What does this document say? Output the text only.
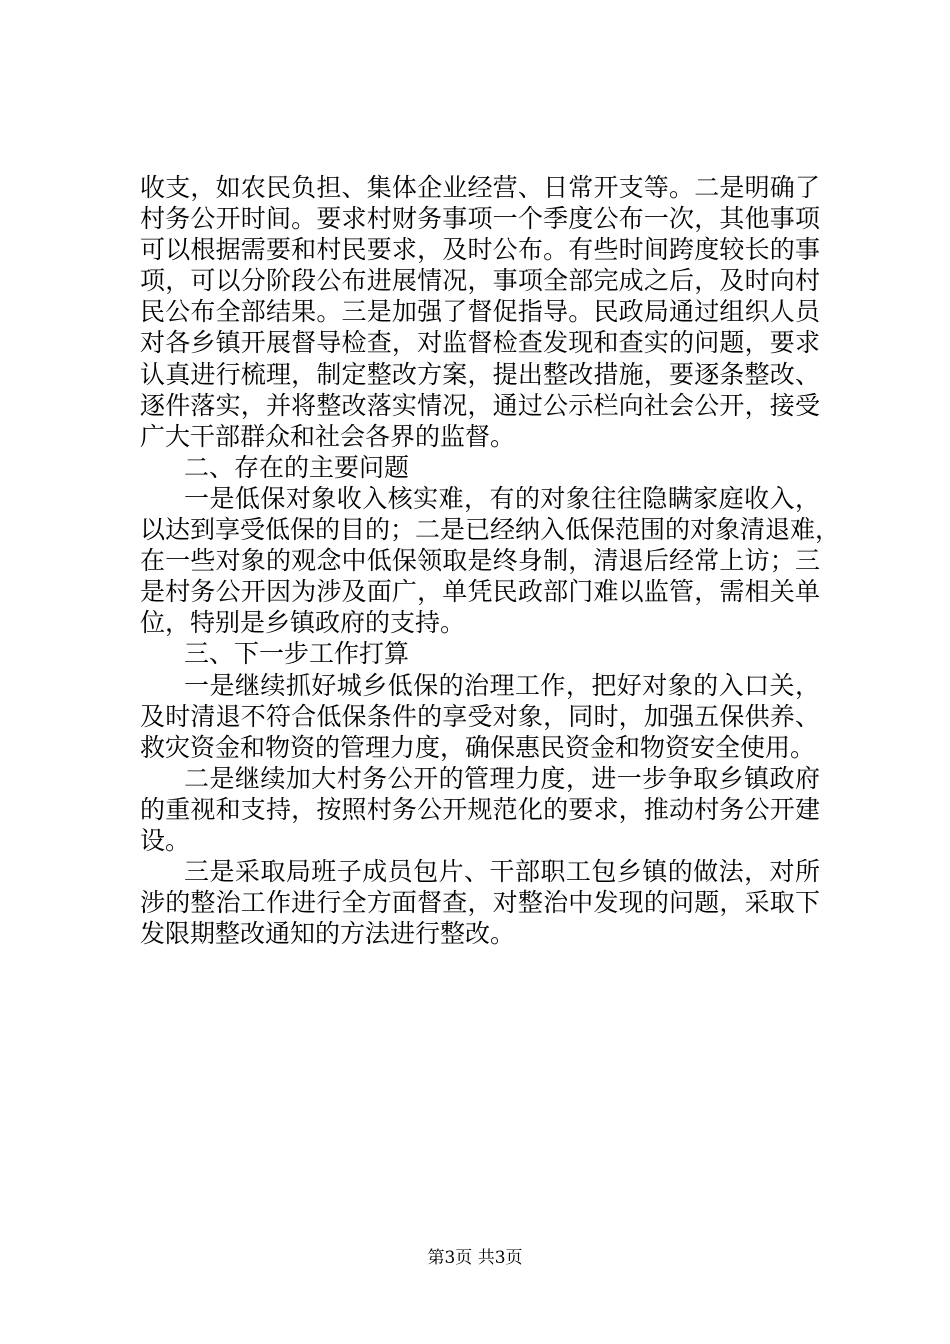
收支，如农民负担、集体企业经营、日常开支等。二是明确了
村务公开时间。要求村财务事项一个季度公布一次，其他事项
可以根据需要和村民要求，及时公布。有些时间跨度较长的事
项，可以分阶段公布进展情况，事项全部完成之后，及时向村
民公布全部结果。三是加强了督促指导。民政局通过组织人员
对各乡镇开展督导检查，对监督检查发现和查实的问题，要求
认真进行梳理，制定整改方案，提出整改措施，要逐条整改、
逐件落实，并将整改落实情况，通过公示栏向社会公开，接受
广大干部群众和社会各界的监督。
二、存在的主要问题
一是低保对象收入核实难，有的对象往往隐瞒家庭收入，
以达到享受低保的目的；二是已经纳入低保范围的对象清退难，
在一些对象的观念中低保领取是终身制，清退后经常上访；三
是村务公开因为涉及面广，单凭民政部门难以监管，需相关单
位，特别是乡镇政府的支持。
三、下一步工作打算
一是继续抓好城乡低保的治理工作，把好对象的入口关，
及时清退不符合低保条件的享受对象，同时，加强五保供养、
救灾资金和物资的管理力度，确保惠民资金和物资安全使用。
二是继续加大村务公开的管理力度，进一步争取乡镇政府
的重视和支持，按照村务公开规范化的要求，推动村务公开建
设。
三是采取局班子成员包片、干部职工包乡镇的做法，对所
涉的整治工作进行全方面督查，对整治中发现的问题，采取下
发限期整改通知的方法进行整改。
第3页 共3页
